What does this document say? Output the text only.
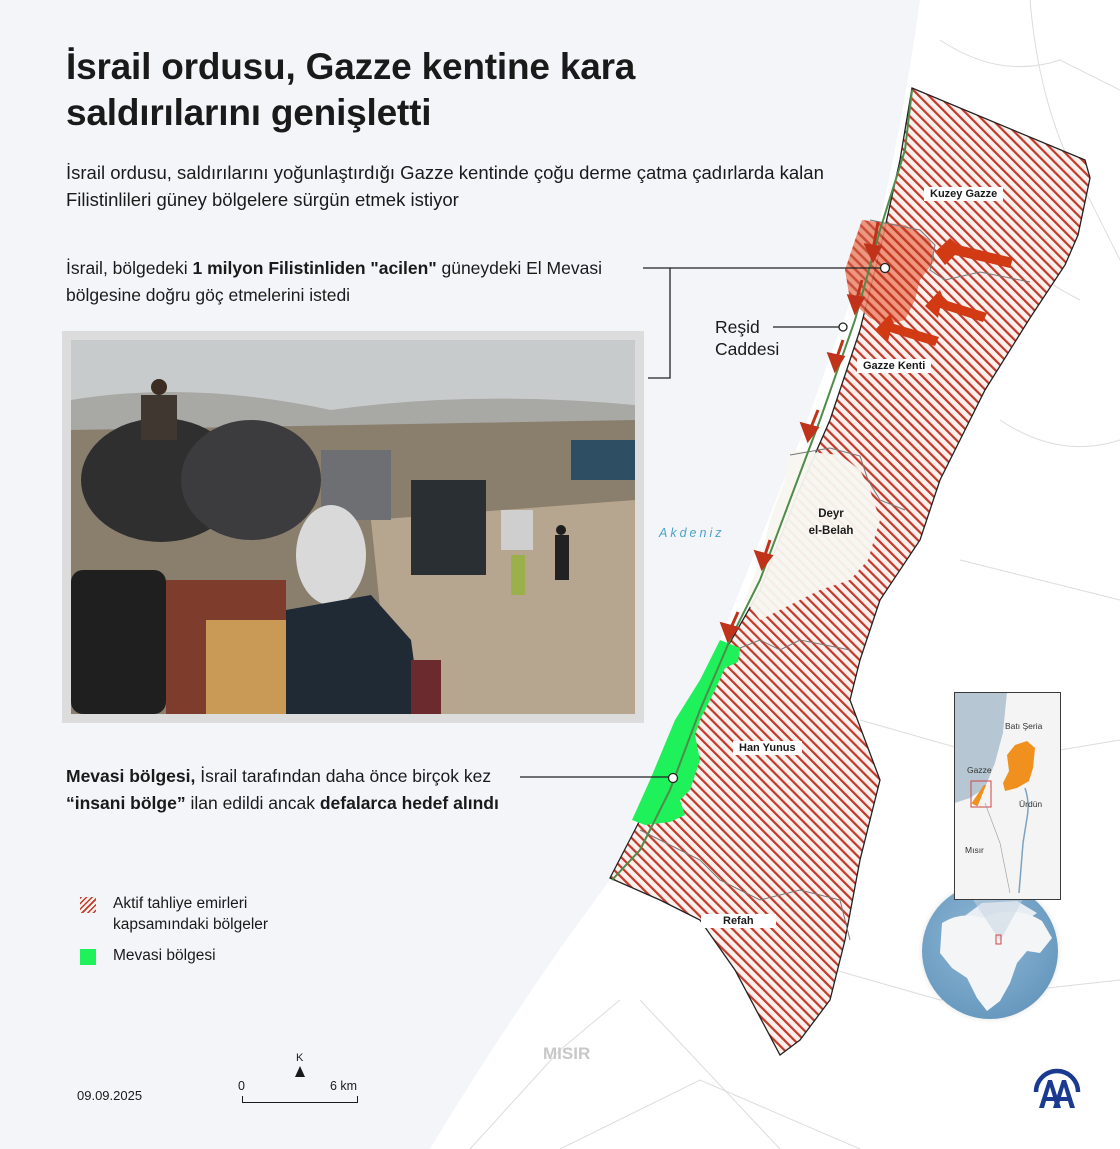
İsrail ordusu, Gazze kentine kara saldırılarını genişletti

İsrail ordusu, saldırılarını yoğunlaştırdığı Gazze kentinde çoğu derme çatma çadırlarda kalan Filistinlileri güney bölgelere sürgün etmek istiyor

İsrail, bölgedeki 1 milyon Filistinliden "acilen" güneydeki El Mevasi bölgesine doğru göç etmelerini istedi

Mevasi bölgesi, İsrail tarafından daha önce birçok kez “insani bölge” ilan edildi ancak defalarca hedef alındı

Kuzey Gazze
Gazze Kenti
Deyr
el-Belah
Han Yunus
Refah
Reşid
Caddesi
Akdeniz
MISIR
Aktif tahliye emirleri
kapsamındaki bölgeler
Mevasi bölgesi
K
0	6 km
09.09.2025
Batı Şeria
Gazze
Ürdün
Mısır
